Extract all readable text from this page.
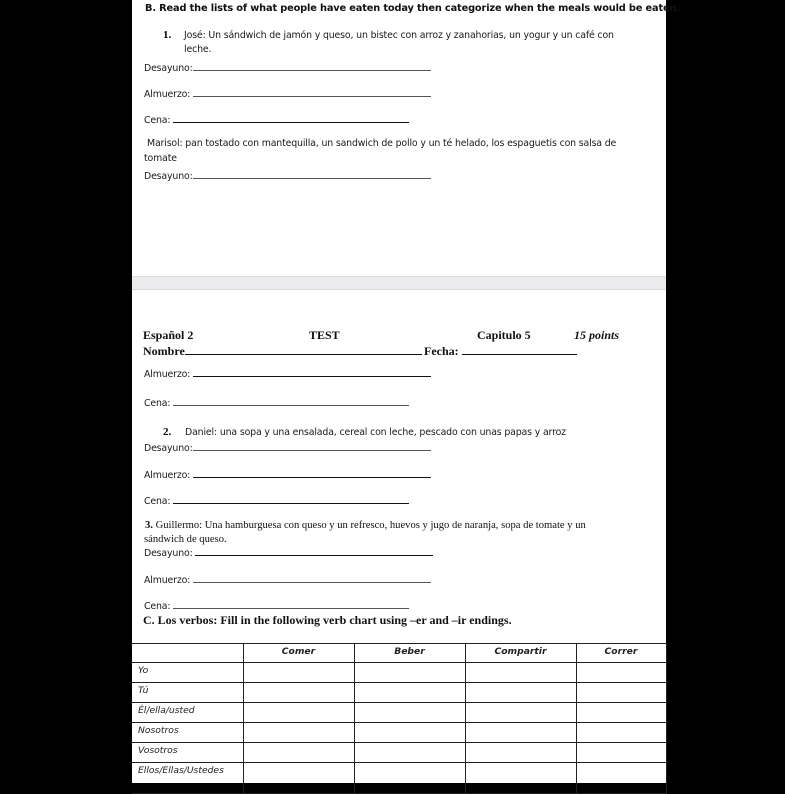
B. Read the lists of what people have eaten today then categorize when the meals would be eaten.
1. José: Un sándwich de jamón y queso, un bistec con arroz y zanahorias, un yogur y un café con
leche.
Desayuno:
Almuerzo:
Cena:
Marisol: pan tostado con mantequilla, un sandwich de pollo y un té helado, los espaguetis con salsa de
tomate
Desayuno:
Español 2	TEST	Capitulo 5	15 points
Nombre	Fecha:
Almuerzo:
Cena:
2. Daniel: una sopa y una ensalada, cereal con leche, pescado con unas papas y arroz
Desayuno:
Almuerzo:
Cena:
3. Guillermo: Una hamburguesa con queso y un refresco, huevos y jugo de naranja, sopa de tomate y un
sándwich de queso.
Desayuno:
Almuerzo:
Cena:
C. Los verbos: Fill in the following verb chart using –er and –ir endings.
	Comer	Beber	Compartir	Correr
Yo				
Tú				
Él/ella/usted				
Nosotros				
Vosotros				
Ellos/Ellas/Ustedes				
